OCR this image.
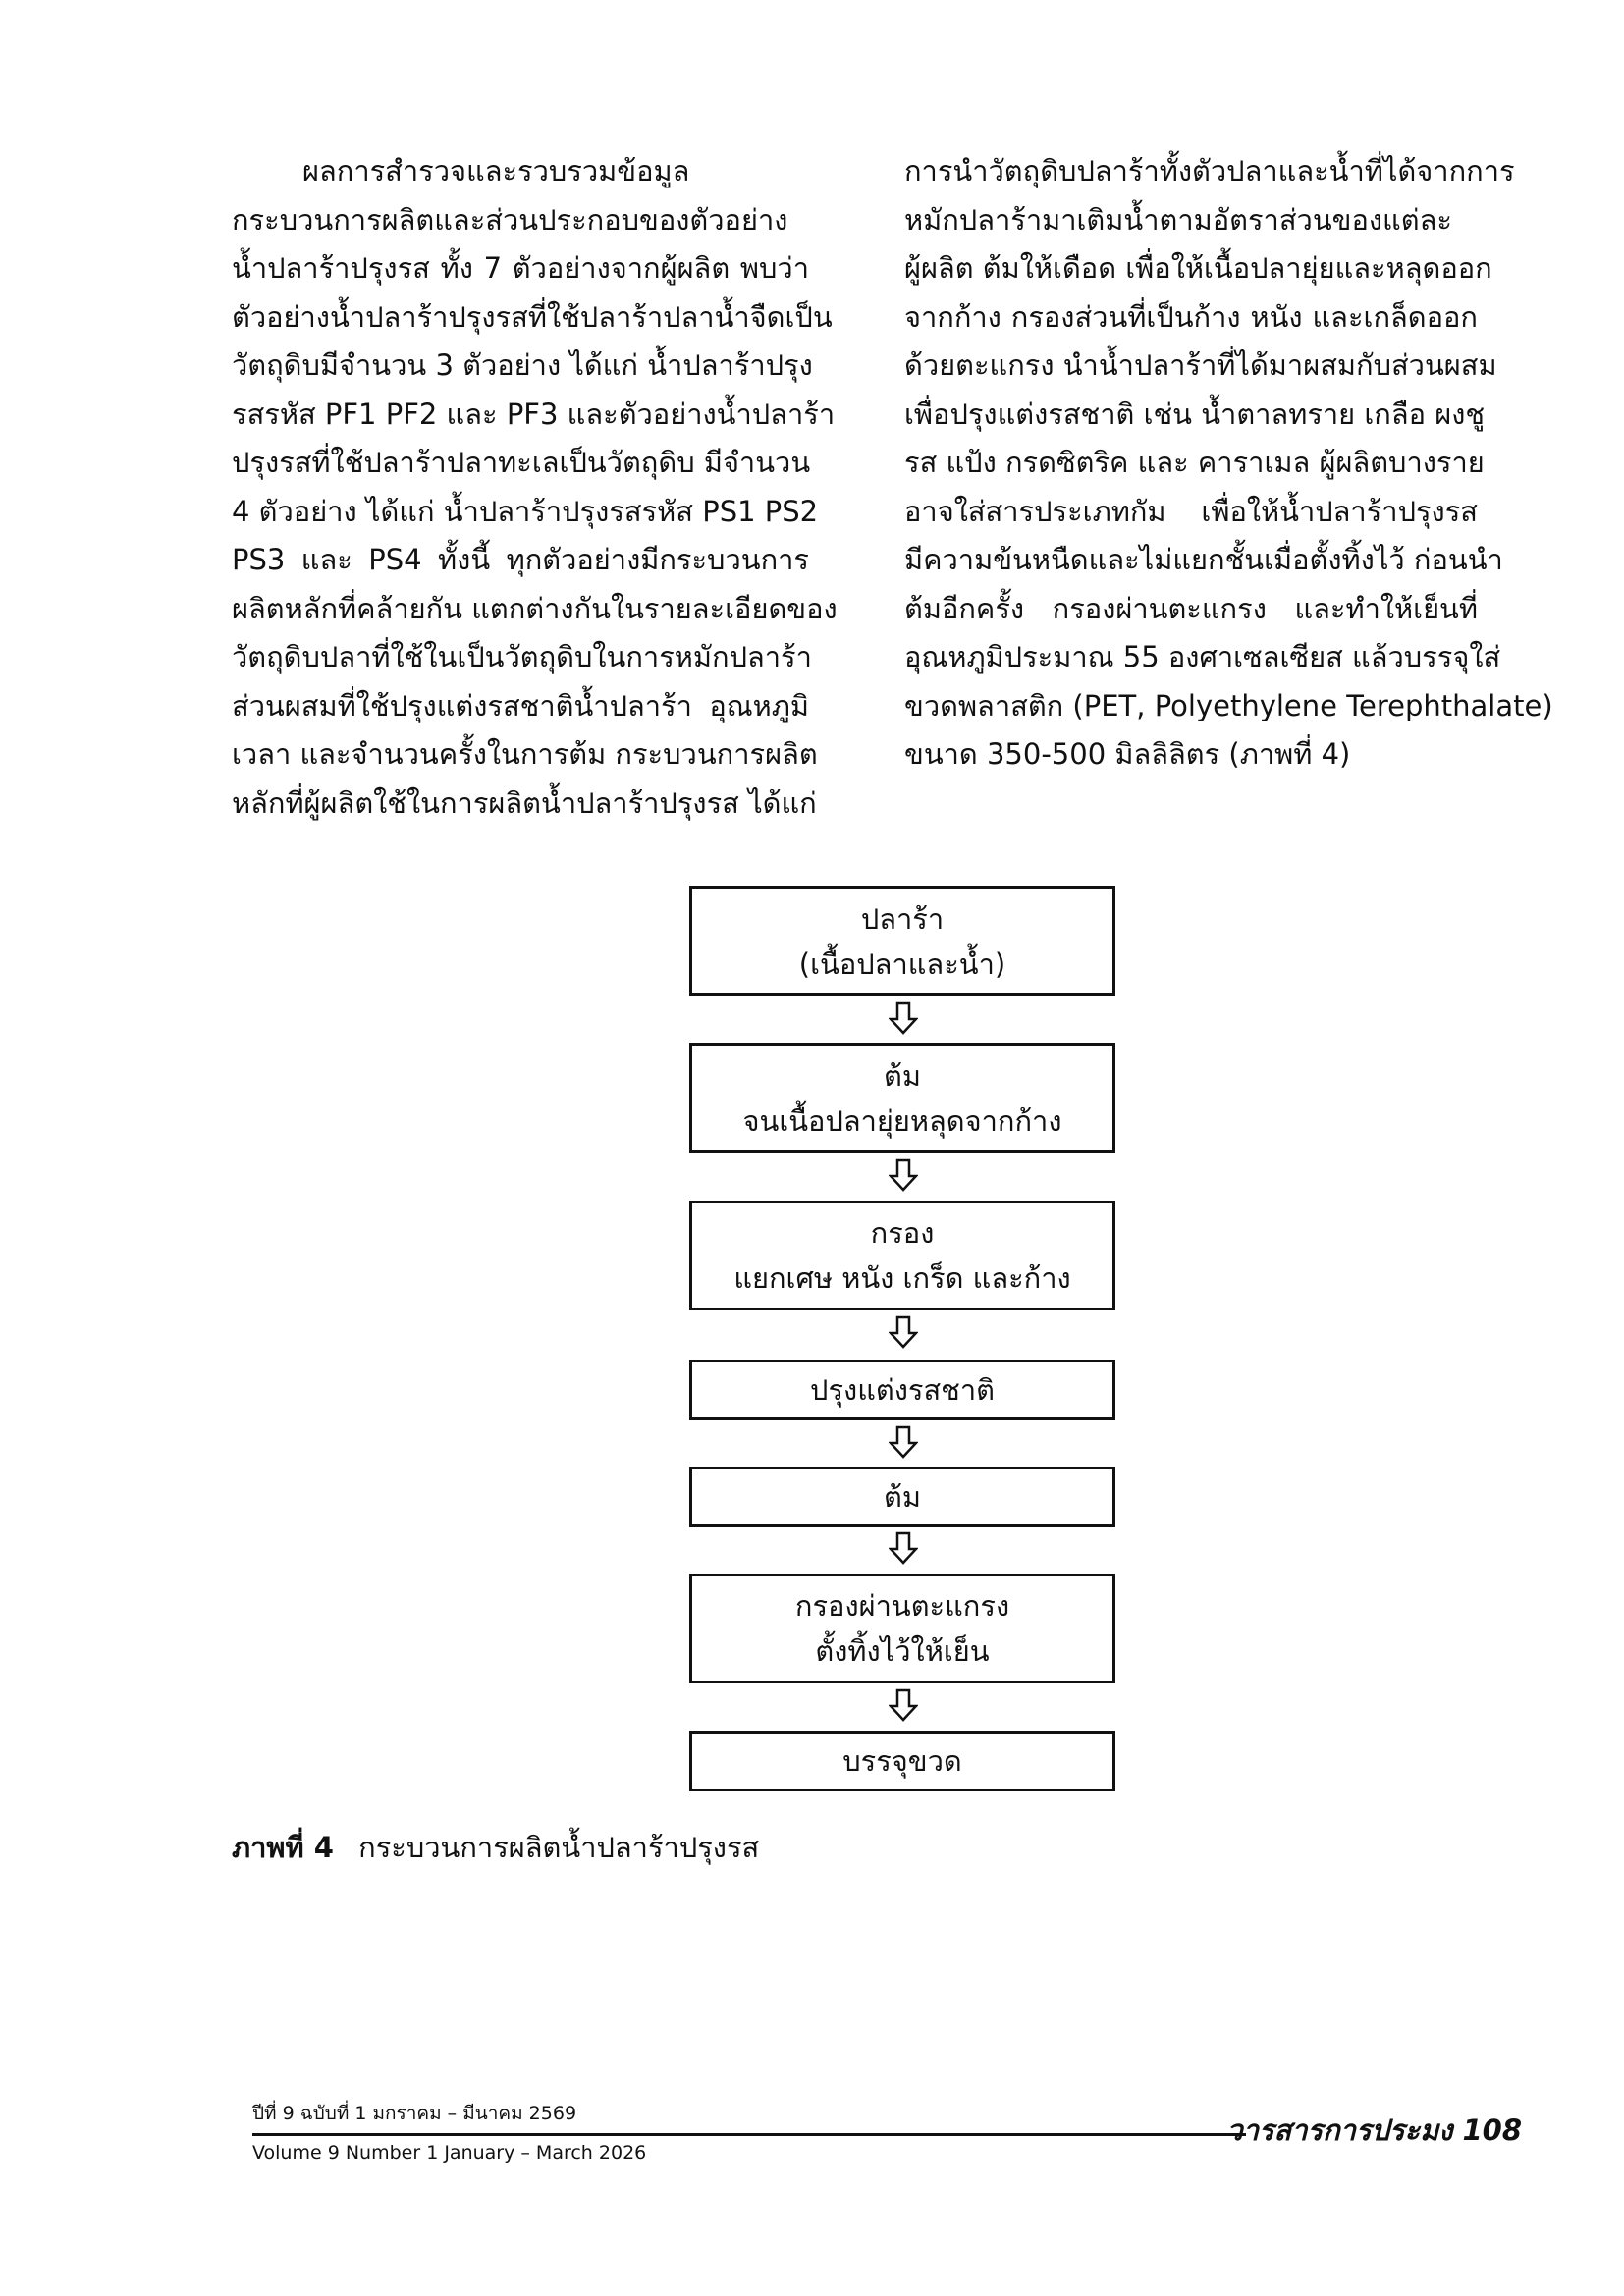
ผลการสำรวจและรวบรวมข้อมูล
กระบวนการผลิตและส่วนประกอบของตัวอย่าง
น้ำปลาร้าปรุงรส ทั้ง 7 ตัวอย่างจากผู้ผลิต พบว่า
ตัวอย่างน้ำปลาร้าปรุงรสที่ใช้ปลาร้าปลาน้ำจืดเป็น
วัตถุดิบมีจำนวน 3 ตัวอย่าง ได้แก่ น้ำปลาร้าปรุง
รสรหัส PF1 PF2 และ PF3 และตัวอย่างน้ำปลาร้า
ปรุงรสที่ใช้ปลาร้าปลาทะเลเป็นวัตถุดิบ มีจำนวน
4 ตัวอย่าง ได้แก่ น้ำปลาร้าปรุงรสรหัส PS1 PS2
PS3 และ PS4 ทั้งนี้ ทุกตัวอย่างมีกระบวนการ
ผลิตหลักที่คล้ายกัน แตกต่างกันในรายละเอียดของ
วัตถุดิบปลาที่ใช้ในเป็นวัตถุดิบในการหมักปลาร้า
ส่วนผสมที่ใช้ปรุงแต่งรสชาติน้ำปลาร้า อุณหภูมิ
เวลา และจำนวนครั้งในการต้ม กระบวนการผลิต
หลักที่ผู้ผลิตใช้ในการผลิตน้ำปลาร้าปรุงรส ได้แก่
การนำวัตถุดิบปลาร้าทั้งตัวปลาและน้ำที่ได้จากการ
หมักปลาร้ามาเติมน้ำตามอัตราส่วนของแต่ละ
ผู้ผลิต ต้มให้เดือด เพื่อให้เนื้อปลายุ่ยและหลุดออก
จากก้าง กรองส่วนที่เป็นก้าง หนัง และเกล็ดออก
ด้วยตะแกรง นำน้ำปลาร้าที่ได้มาผสมกับส่วนผสม
เพื่อปรุงแต่งรสชาติ เช่น น้ำตาลทราย เกลือ ผงชู
รส แป้ง กรดซิตริค และ คาราเมล ผู้ผลิตบางราย
อาจใส่สารประเภทกัม เพื่อให้น้ำปลาร้าปรุงรส
มีความข้นหนืดและไม่แยกชั้นเมื่อตั้งทิ้งไว้ ก่อนนำ
ต้มอีกครั้ง กรองผ่านตะแกรง และทำให้เย็นที่
อุณหภูมิประมาณ 55 องศาเซลเซียส แล้วบรรจุใส่
ขวดพลาสติก (PET, Polyethylene Terephthalate)
ขนาด 350-500 มิลลิลิตร (ภาพที่ 4)
ปลาร้า
(เนื้อปลาและน้ำ)
ต้ม
จนเนื้อปลายุ่ยหลุดจากก้าง
กรอง
แยกเศษ หนัง เกร็ด และก้าง
ปรุงแต่งรสชาติ
ต้ม
กรองผ่านตะแกรง
ตั้งทิ้งไว้ให้เย็น
บรรจุขวด
ภาพที่ 4 กระบวนการผลิตน้ำปลาร้าปรุงรส
ปีที่ 9 ฉบับที่ 1 มกราคม – มีนาคม 2569
Volume 9 Number 1 January – March 2026
วารสารการประมง 108
